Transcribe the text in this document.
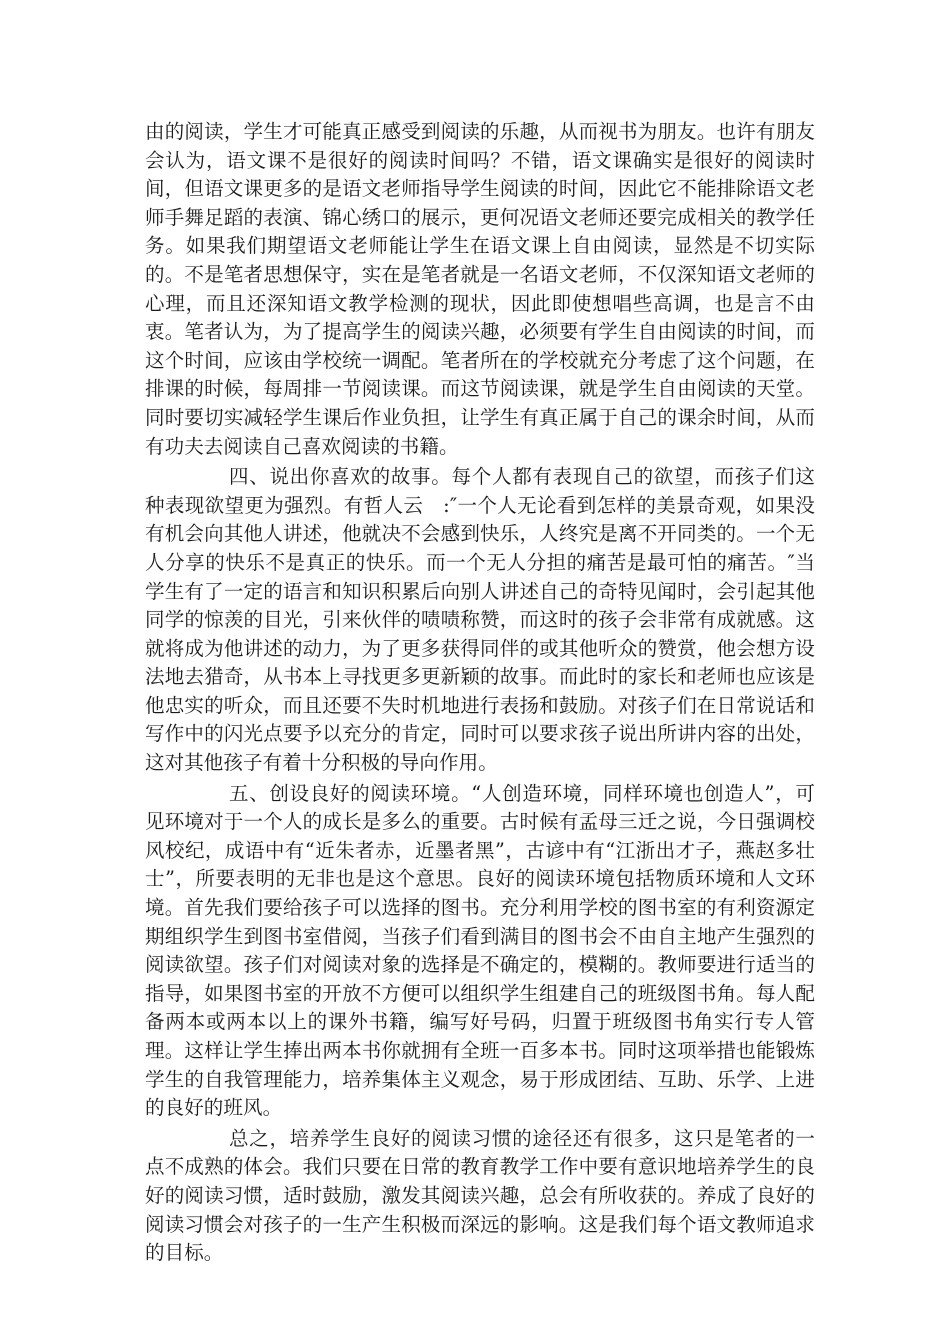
由的阅读，学生才可能真正感受到阅读的乐趣，从而视书为朋友。也许有朋友会认为，语文课不是很好的阅读时间吗？不错，语文课确实是很好的阅读时间，但语文课更多的是语文老师指导学生阅读的时间，因此它不能排除语文老师手舞足蹈的表演、锦心绣口的展示，更何况语文老师还要完成相关的教学任务。如果我们期望语文老师能让学生在语文课上自由阅读，显然是不切实际的。不是笔者思想保守，实在是笔者就是一名语文老师，不仅深知语文老师的心理，而且还深知语文教学检测的现状，因此即使想唱些高调，也是言不由衷。笔者认为，为了提高学生的阅读兴趣，必须要有学生自由阅读的时间，而这个时间，应该由学校统一调配。笔者所在的学校就充分考虑了这个问题，在排课的时候，每周排一节阅读课。而这节阅读课，就是学生自由阅读的天堂。同时要切实减轻学生课后作业负担，让学生有真正属于自己的课余时间，从而有功夫去阅读自己喜欢阅读的书籍。

四、说出你喜欢的故事。每个人都有表现自己的欲望，而孩子们这种表现欲望更为强烈。有哲人云　:″一个人无论看到怎样的美景奇观，如果没有机会向其他人讲述，他就决不会感到快乐，人终究是离不开同类的。一个无人分享的快乐不是真正的快乐。而一个无人分担的痛苦是最可怕的痛苦。″当学生有了一定的语言和知识积累后向别人讲述自己的奇特见闻时，会引起其他同学的惊羡的目光，引来伙伴的啧啧称赞，而这时的孩子会非常有成就感。这就将成为他讲述的动力，为了更多获得同伴的或其他听众的赞赏，他会想方设法地去猎奇，从书本上寻找更多更新颖的故事。而此时的家长和老师也应该是他忠实的听众，而且还要不失时机地进行表扬和鼓励。对孩子们在日常说话和写作中的闪光点要予以充分的肯定，同时可以要求孩子说出所讲内容的出处，这对其他孩子有着十分积极的导向作用。

五、创设良好的阅读环境。“人创造环境，同样环境也创造人”，可见环境对于一个人的成长是多么的重要。古时候有孟母三迁之说，今日强调校风校纪，成语中有“近朱者赤，近墨者黑”，古谚中有“江浙出才子，燕赵多壮士”，所要表明的无非也是这个意思。良好的阅读环境包括物质环境和人文环境。首先我们要给孩子可以选择的图书。充分利用学校的图书室的有利资源定期组织学生到图书室借阅，当孩子们看到满目的图书会不由自主地产生强烈的阅读欲望。孩子们对阅读对象的选择是不确定的，模糊的。教师要进行适当的指导，如果图书室的开放不方便可以组织学生组建自己的班级图书角。每人配备两本或两本以上的课外书籍，编写好号码，归置于班级图书角实行专人管理。这样让学生捧出两本书你就拥有全班一百多本书。同时这项举措也能锻炼学生的自我管理能力，培养集体主义观念，易于形成团结、互助、乐学、上进的良好的班风。

总之，培养学生良好的阅读习惯的途径还有很多，这只是笔者的一点不成熟的体会。我们只要在日常的教育教学工作中要有意识地培养学生的良好的阅读习惯，适时鼓励，激发其阅读兴趣，总会有所收获的。养成了良好的阅读习惯会对孩子的一生产生积极而深远的影响。这是我们每个语文教师追求的目标。
